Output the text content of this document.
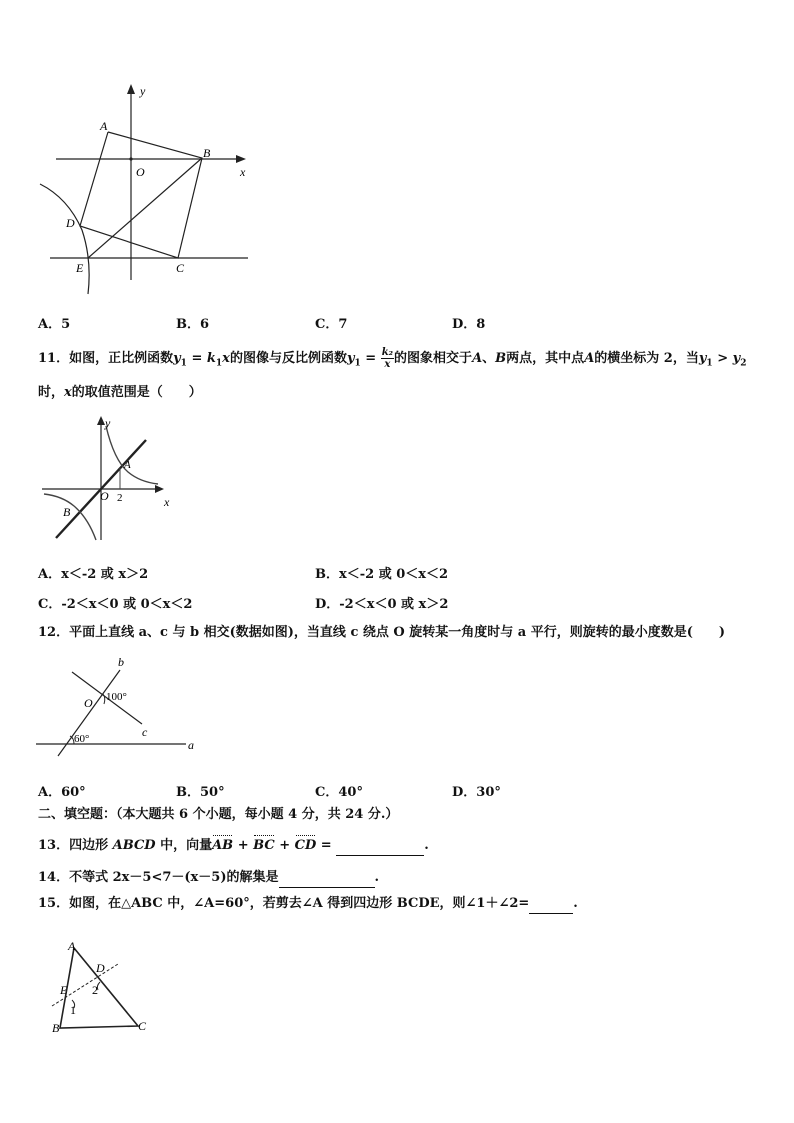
y
x
O
A
B
C
D
E
A．5	B．6	C．7	D．8
11．如图，正比例函数$y_1 = k_1x$的图像与反比例函数$y_1 = \frac{\text{k₂}}{x}$ 的图象相交于A、B两点，其中点A的横坐标为 2，当$y_1 > y_2$
时，x的取值范围是（　　）
y
x
O
A
2
B
A．x＜-2 或 x＞2	B．x＜-2 或 0＜x＜2
C．-2＜x＜0 或 0＜x＜2	D．-2＜x＜0 或 x＞2
12．平面上直线 a、c 与 b 相交(数据如图)，当直线 c 绕点 O 旋转某一角度时与 a 平行，则旋转的最小度数是(　　)
b
c
a
O 100°
60°
A．60°	B．50°	C．40°	D．30°
二、填空题：（本大题共 6 个小题，每小题 4 分，共 24 分.）
13．四边形 ABCD 中，向量AB + BC + CD =	.
14．不等式 2x－5<7－(x－5)的解集是	.
15．如图，在△ABC 中，∠A=60°，若剪去∠A 得到四边形 BCDE，则∠1＋∠2=	.
A
D
E 2
1
B	C
